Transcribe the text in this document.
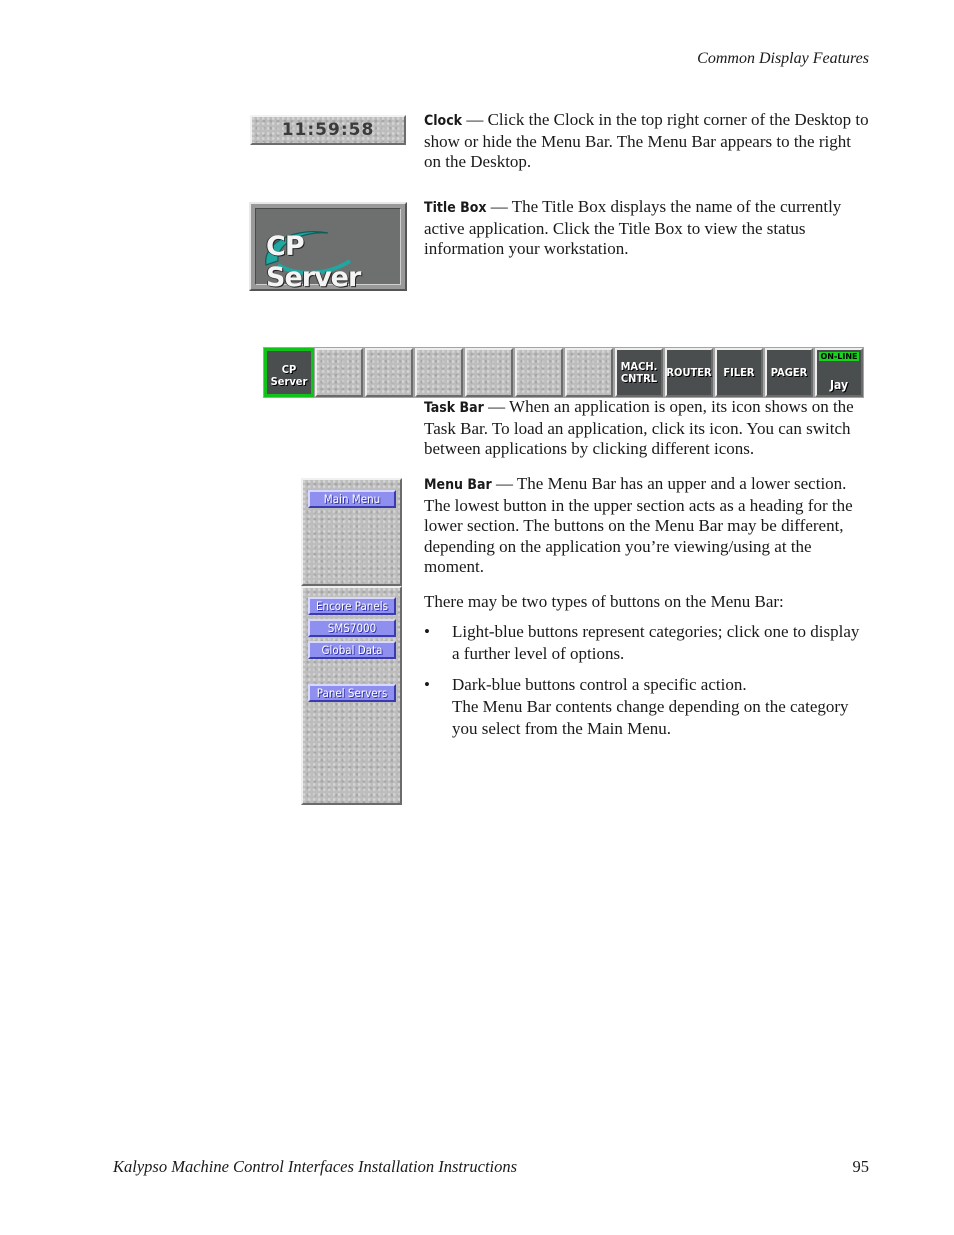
Common Display Features
11:59:58	Clock — Click the Clock in the top right corner of the Desktop to show or hide the Menu Bar. The Menu Bar appears to the right on the Desktop.
CP Server
Title Box — The Title Box displays the name of the currently active application. Click the Title Box to view the status information your workstation.
CP
Server
MACH.
CNTRL ROUTER FILER PAGER
ON-LINE
Jay
Task Bar — When an application is open, its icon shows on the Task Bar. To load an application, click its icon. You can switch between applications by clicking different icons.
Main Menu
Encore Panels
SMS7000
Global Data
Panel Servers
Menu Bar — The Menu Bar has an upper and a lower section. The lowest button in the upper section acts as a heading for the lower section. The buttons on the Menu Bar may be different, depending on the application you’re viewing/using at the moment.
There may be two types of buttons on the Menu Bar:
• Light-blue buttons represent categories; click one to display a further level of options.
• Dark-blue buttons control a specific action.
The Menu Bar contents change depending on the category you select from the Main Menu.
Kalypso Machine Control Interfaces Installation Instructions	95
